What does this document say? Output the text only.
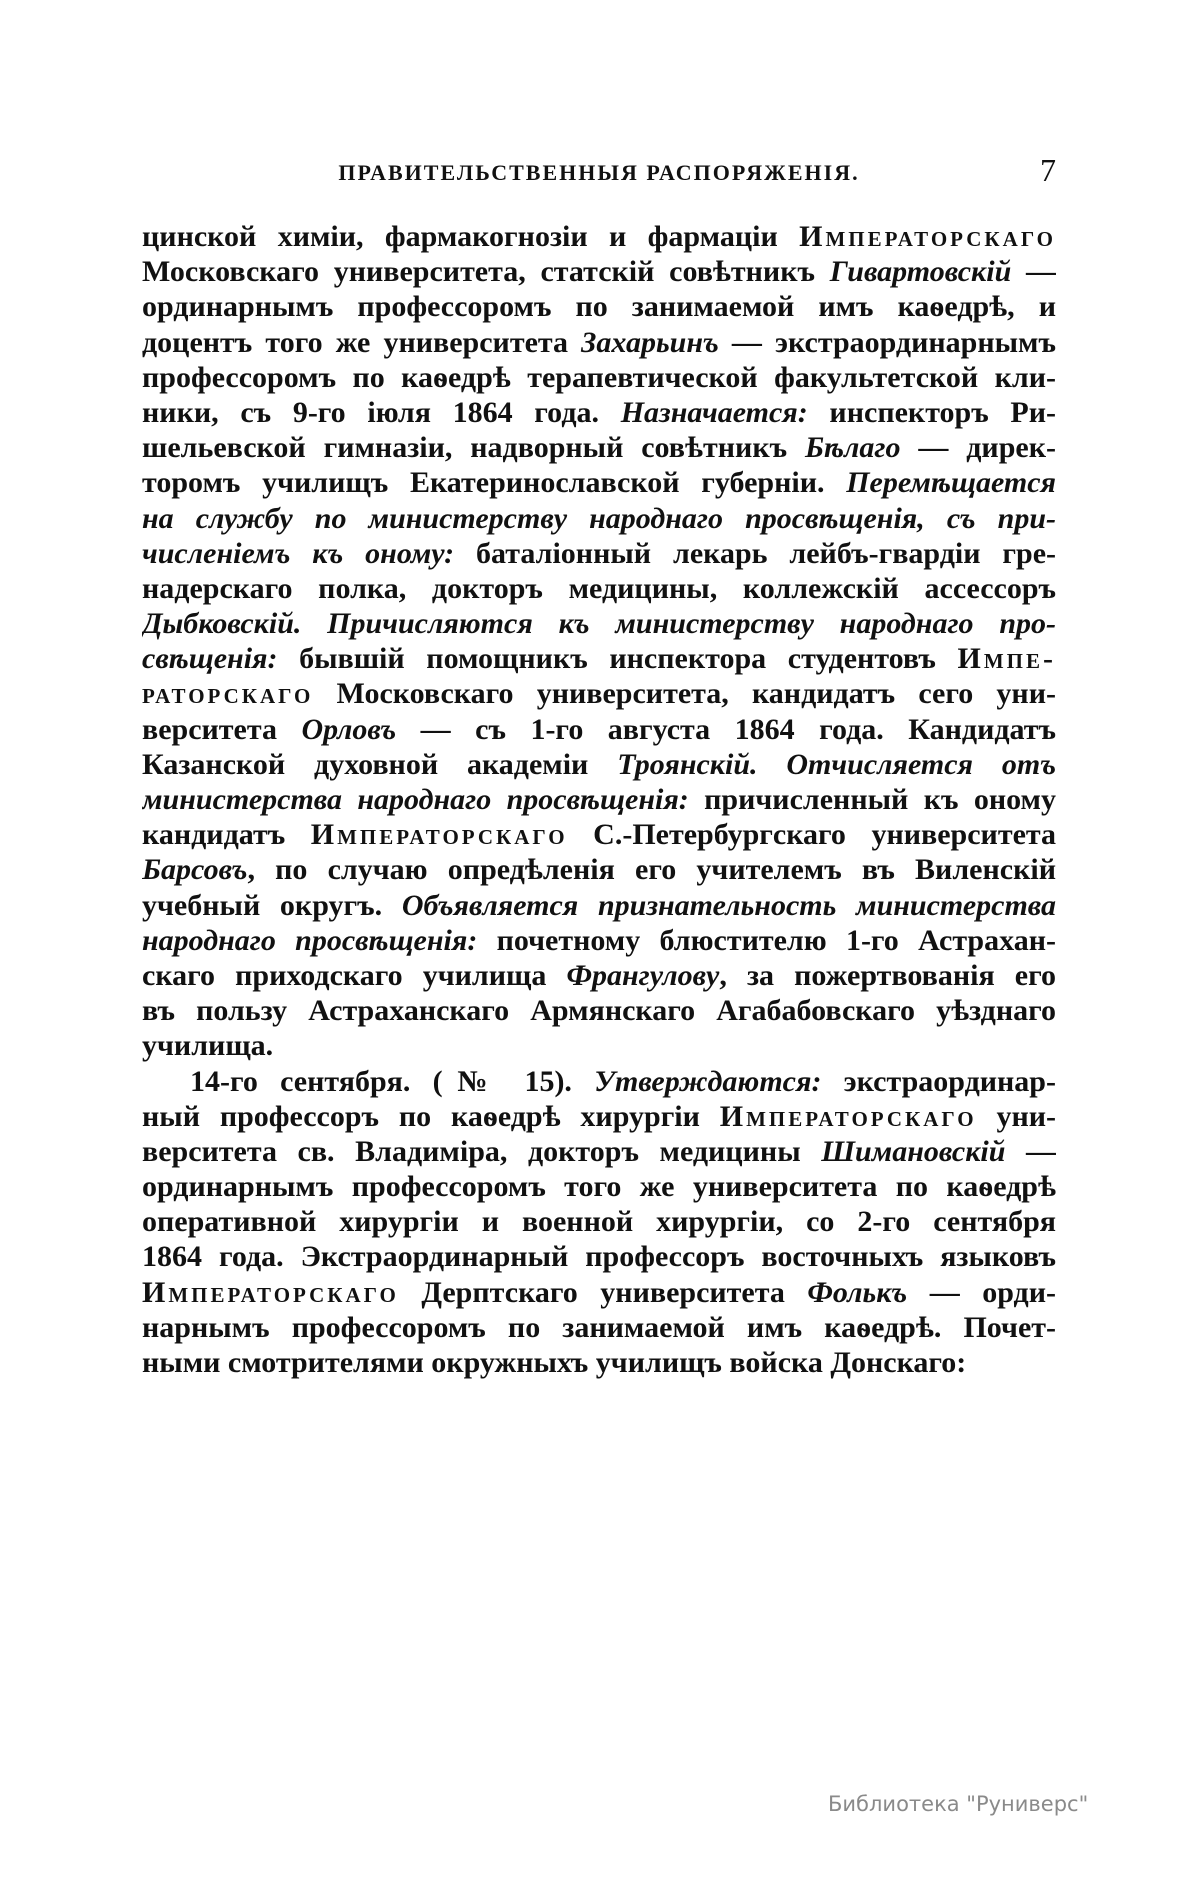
ПРАВИТЕЛЬСТВЕННЫЯ РАСПОРЯЖЕНІЯ.	7
цинской химіи, фармакогнозіи и фармаціи Императорскаго
Московскаго университета, статскій совѣтникъ Гивартовскій —
ординарнымъ профессоромъ по занимаемой имъ каѳедрѣ, и
доцентъ того же университета Захарьинъ — экстраординарнымъ
профессоромъ по каѳедрѣ терапевтической факультетской кли-
ники, съ 9-го іюля 1864 года. Назначается: инспекторъ Ри-
шельевской гимназіи, надворный совѣтникъ Бѣлаго — дирек-
торомъ училищъ Екатеринославской губерніи. Перемѣщается
на службу по министерству народнаго просвѣщенія, съ при-
численіемъ къ оному: баталіонный лекарь лейбъ-гвардіи гре-
надерскаго полка, докторъ медицины, коллежскій ассессоръ
Дыбковскій. Причисляются къ министерству народнаго про-
свѣщенія: бывшій помощникъ инспектора студентовъ Импе-
раторскаго Московскаго университета, кандидатъ сего уни-
верситета Орловъ — съ 1-го августа 1864 года. Кандидатъ
Казанской духовной академіи Троянскій. Отчисляется отъ
министерства народнаго просвѣщенія: причисленный къ оному
кандидатъ Императорскаго С.-Петербургскаго университета
Барсовъ, по случаю опредѣленія его учителемъ въ Виленскій
учебный округъ. Объявляется признательность министерства
народнаго просвѣщенія: почетному блюстителю 1-го Астрахан-
скаго приходскаго училища Франгулову, за пожертвованія его
въ пользу Астраханскаго Армянскаго Агабабовскаго уѣзднаго
училища.
14-го сентября. (№ 15). Утверждаются: экстраординар-
ный профессоръ по каѳедрѣ хирургіи Императорскаго уни-
верситета св. Владиміра, докторъ медицины Шимановскій —
ординарнымъ профессоромъ того же университета по каѳедрѣ
оперативной хирургіи и военной хирургіи, со 2-го сентября
1864 года. Экстраординарный профессоръ восточныхъ языковъ
Императорскаго Дерптскаго университета Фолькъ — орди-
нарнымъ профессоромъ по занимаемой имъ каѳедрѣ. Почет-
ными смотрителями окружныхъ училищъ войска Донскаго:
Библиотека "Руниверс"
